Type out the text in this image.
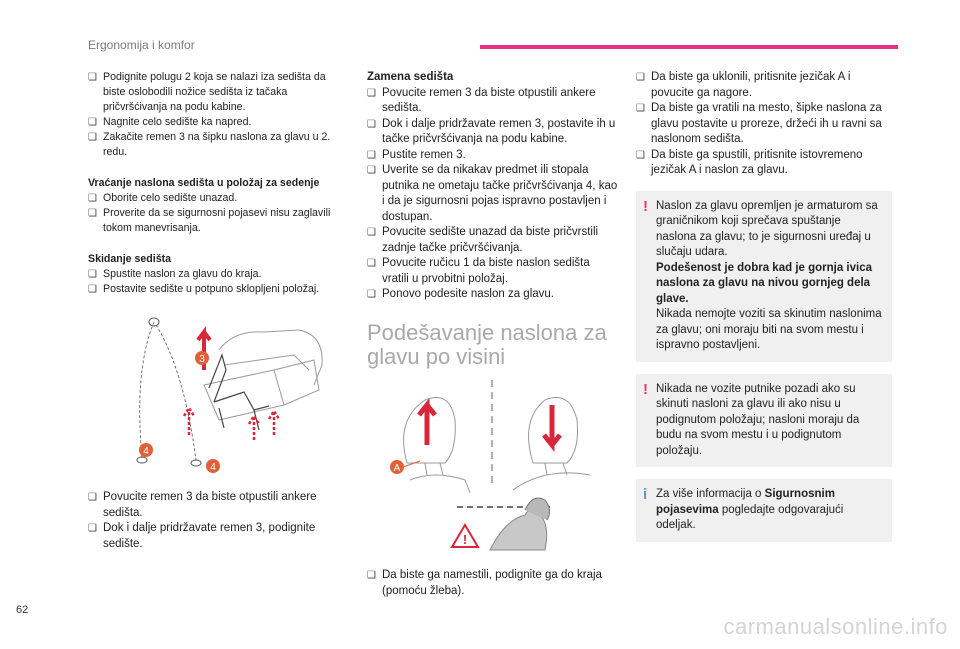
Ergonomija i komfor
❑ Podignite polugu 2 koja se nalazi iza sedišta da biste oslobodili nožice sedišta iz tačaka pričvršćivanja na podu kabine.
❑ Nagnite celo sedište ka napred.
❑ Zakačite remen 3 na šipku naslona za glavu u 2. redu.
Vraćanje naslona sedišta u položaj za sedenje
❑ Oborite celo sedište unazad.
❑ Proverite da se sigurnosni pojasevi nisu zaglavili tokom manevrisanja.
Skidanje sedišta
❑ Spustite naslon za glavu do kraja.
❑ Postavite sedište u potpuno sklopljeni položaj.
3
4
4
❑ Povucite remen 3 da biste otpustili ankere sedišta.
❑ Dok i dalje pridržavate remen 3, podignite sedište.
Zamena sedišta
❑ Povucite remen 3 da biste otpustili ankere sedišta.
❑ Dok i dalje pridržavate remen 3, postavite ih u tačke pričvršćivanja na podu kabine.
❑ Pustite remen 3.
❑ Uverite se da nikakav predmet ili stopala putnika ne ometaju tačke pričvršćivanja 4, kao i da je sigurnosni pojas ispravno postavljen i dostupan.
❑ Povucite sedište unazad da biste pričvrstili zadnje tačke pričvršćivanja.
❑ Povucite ručicu 1 da biste naslon sedišta vratili u prvobitni položaj.
❑ Ponovo podesite naslon za glavu.
Podešavanje naslona za glavu po visini
A
!
❑ Da biste ga namestili, podignite ga do kraja (pomoću žleba).
❑ Da biste ga uklonili, pritisnite jezičak A i povucite ga nagore.
❑ Da biste ga vratili na mesto, šipke naslona za glavu postavite u proreze, držeći ih u ravni sa naslonom sedišta.
❑ Da biste ga spustili, pritisnite istovremeno jezičak A i naslon za glavu.
! Naslon za glavu opremljen je armaturom sa graničnikom koji sprečava spuštanje naslona za glavu; to je sigurnosni uređaj u slučaju udara.
Podešenost je dobra kad je gornja ivica naslona za glavu na nivou gornjeg dela glave.
Nikada nemojte voziti sa skinutim naslonima za glavu; oni moraju biti na svom mestu i ispravno postavljeni.
! Nikada ne vozite putnike pozadi ako su skinuti nasloni za glavu ili ako nisu u podignutom položaju; nasloni moraju da budu na svom mestu i u podignutom položaju.
i Za više informacija o Sigurnosnim pojasevima pogledajte odgovarajući odeljak.
62
carmanualsonline.info
